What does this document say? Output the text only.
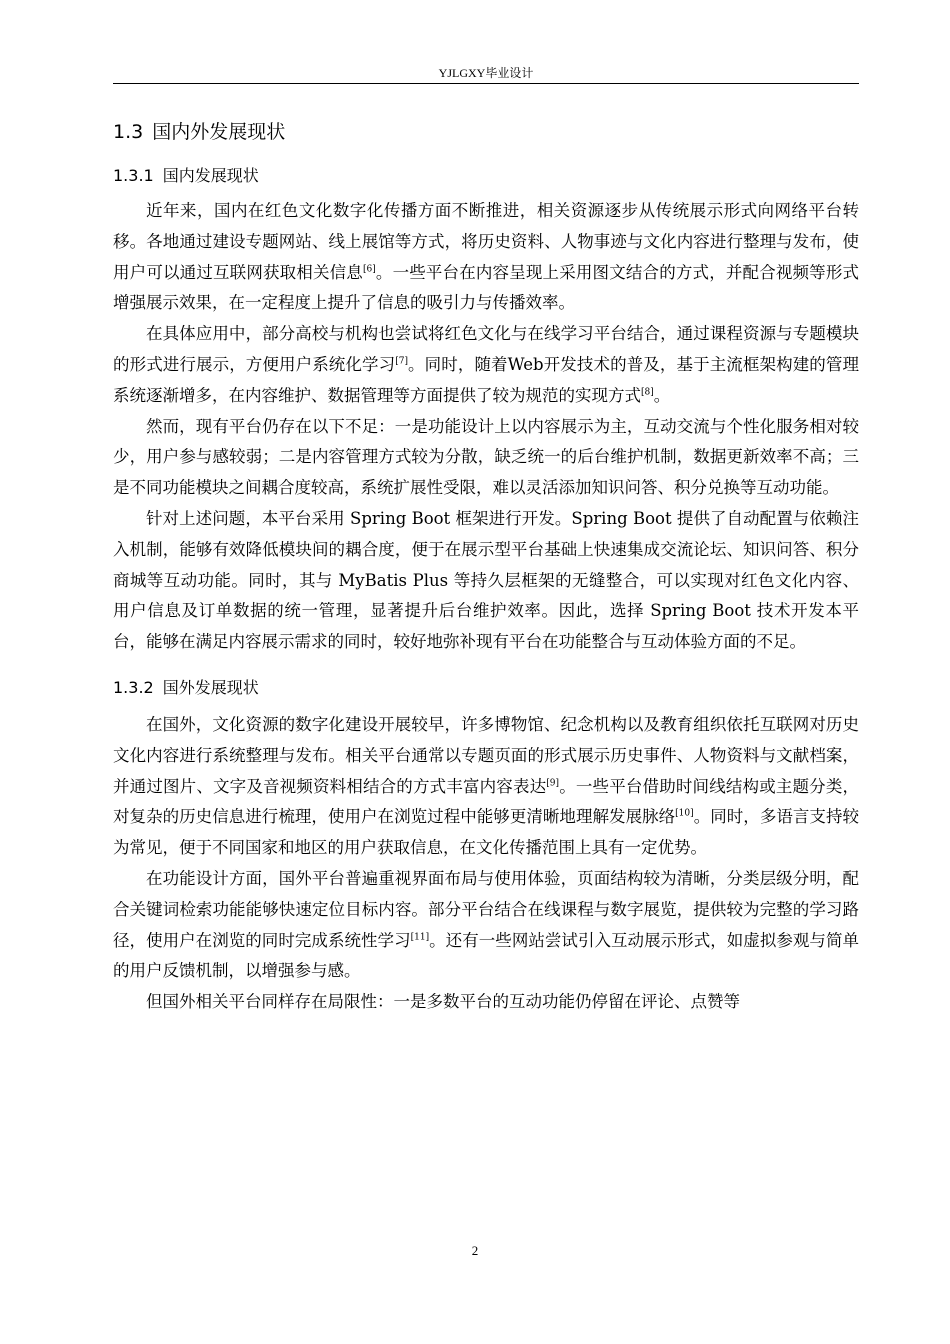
YJLGXY毕业设计
1.3 国内外发展现状
1.3.1 国内发展现状

近年来，国内在红色文化数字化传播方面不断推进，相关资源逐步从传统展示形式向网络平台转移。各地通过建设专题网站、线上展馆等方式，将历史资料、人物事迹与文化内容进行整理与发布，使用户可以通过互联网获取相关信息[6]。一些平台在内容呈现上采用图文结合的方式，并配合视频等形式增强展示效果，在一定程度上提升了信息的吸引力与传播效率。

在具体应用中，部分高校与机构也尝试将红色文化与在线学习平台结合，通过课程资源与专题模块的形式进行展示，方便用户系统化学习[7]。同时，随着Web开发技术的普及，基于主流框架构建的管理系统逐渐增多，在内容维护、数据管理等方面提供了较为规范的实现方式[8]。

然而，现有平台仍存在以下不足：一是功能设计上以内容展示为主，互动交流与个性化服务相对较少，用户参与感较弱；二是内容管理方式较为分散，缺乏统一的后台维护机制，数据更新效率不高；三是不同功能模块之间耦合度较高，系统扩展性受限，难以灵活添加知识问答、积分兑换等互动功能。

针对上述问题，本平台采用 Spring Boot 框架进行开发。Spring Boot 提供了自动配置与依赖注入机制，能够有效降低模块间的耦合度，便于在展示型平台基础上快速集成交流论坛、知识问答、积分商城等互动功能。同时，其与 MyBatis Plus 等持久层框架的无缝整合，可以实现对红色文化内容、用户信息及订单数据的统一管理，显著提升后台维护效率。因此，选择 Spring Boot 技术开发本平台，能够在满足内容展示需求的同时，较好地弥补现有平台在功能整合与互动体验方面的不足。

1.3.2 国外发展现状

在国外，文化资源的数字化建设开展较早，许多博物馆、纪念机构以及教育组织依托互联网对历史文化内容进行系统整理与发布。相关平台通常以专题页面的形式展示历史事件、人物资料与文献档案，并通过图片、文字及音视频资料相结合的方式丰富内容表达[9]。一些平台借助时间线结构或主题分类，对复杂的历史信息进行梳理，使用户在浏览过程中能够更清晰地理解发展脉络[10]。同时，多语言支持较为常见，便于不同国家和地区的用户获取信息，在文化传播范围上具有一定优势。

在功能设计方面，国外平台普遍重视界面布局与使用体验，页面结构较为清晰，分类层级分明，配合关键词检索功能能够快速定位目标内容。部分平台结合在线课程与数字展览，提供较为完整的学习路径，使用户在浏览的同时完成系统性学习[11]。还有一些网站尝试引入互动展示形式，如虚拟参观与简单的用户反馈机制，以增强参与感。

但国外相关平台同样存在局限性：一是多数平台的互动功能仍停留在评论、点赞等

2
